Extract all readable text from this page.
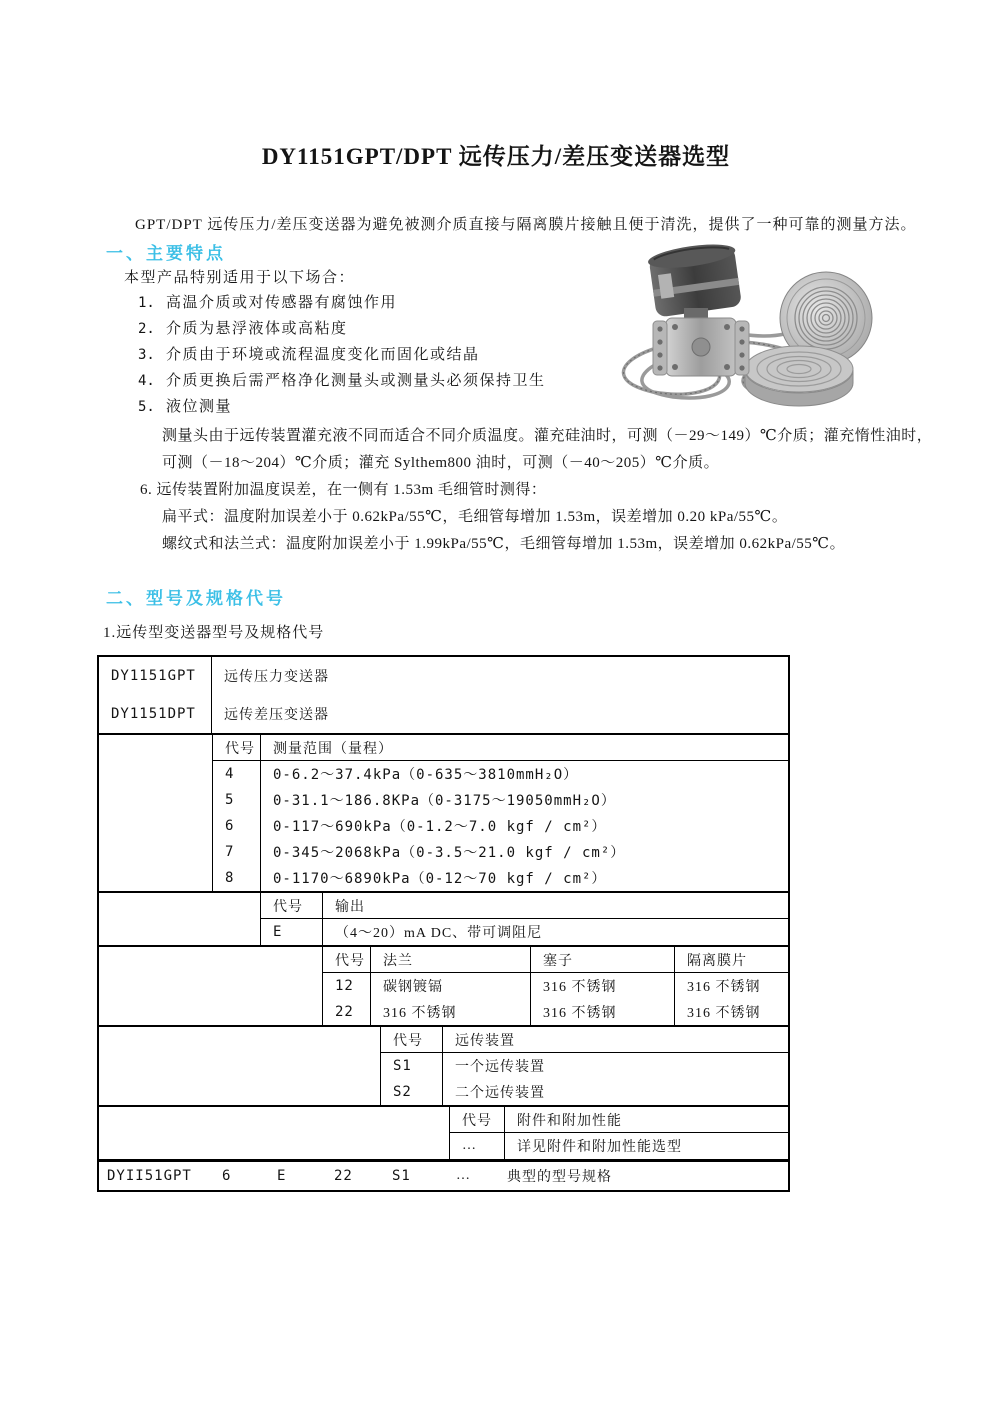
DY1151GPT/DPT 远传压力/差压变送器选型
GPT/DPT 远传压力/差压变送器为避免被测介质直接与隔离膜片接触且便于清洗，提供了一种可靠的测量方法。
一、主要特点
本型产品特别适用于以下场合：
1. 高温介质或对传感器有腐蚀作用
2. 介质为悬浮液体或高粘度
3. 介质由于环境或流程温度变化而固化或结晶
4. 介质更换后需严格净化测量头或测量头必须保持卫生
5. 液位测量
测量头由于远传装置灌充液不同而适合不同介质温度。灌充硅油时，可测（－29～149）℃介质；灌充惰性油时，
可测（－18～204）℃介质；灌充 Sylthem800 油时，可测（－40～205）℃介质。
6. 远传装置附加温度误差，在一侧有 1.53m 毛细管时测得：
扁平式：温度附加误差小于 0.62kPa/55℃，毛细管每增加 1.53m，误差增加 0.20 kPa/55℃。
螺纹式和法兰式：温度附加误差小于 1.99kPa/55℃，毛细管每增加 1.53m，误差增加 0.62kPa/55℃。
二、型号及规格代号
1.远传型变送器型号及规格代号
DY1151GPT	远传压力变送器
DY1151DPT	远传差压变送器
代号	测量范围（量程）
4	0-6.2～37.4kPa（0-635～3810mmH₂O）
5	0-31.1～186.8KPa（0-3175～19050mmH₂O）
6	0-117～690kPa（0-1.2～7.0 kgf / cm²）
7	0-345～2068kPa（0-3.5～21.0 kgf / cm²）
8	0-1170～6890kPa（0-12～70 kgf / cm²）
代号	输出
E	（4～20）mA DC、带可调阻尼
代号	法兰	塞子	隔离膜片
12	碳钢镀镉	316 不锈钢	316 不锈钢
22	316 不锈钢	316 不锈钢	316 不锈钢
代号	远传装置
S1	一个远传装置
S2	二个远传装置
代号	附件和附加性能
…	详见附件和附加性能选型
DYII51GPT 6	E	22	S1	…	典型的型号规格
